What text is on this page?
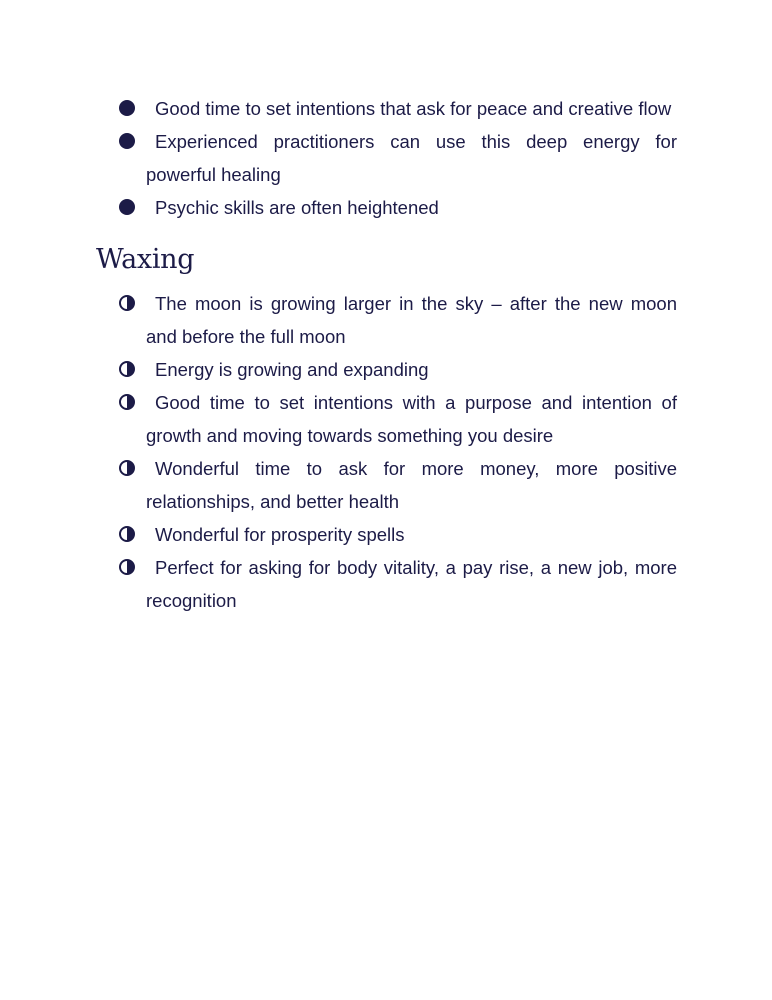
Good time to set intentions that ask for peace and creative flow
Experienced practitioners can use this deep energy for powerful healing
Psychic skills are often heightened
Waxing
The moon is growing larger in the sky – after the new moon and before the full moon
Energy is growing and expanding
Good time to set intentions with a purpose and intention of growth and moving towards something you desire
Wonderful time to ask for more money, more positive relationships, and better health
Wonderful for prosperity spells
Perfect for asking for body vitality, a pay rise, a new job, more recognition
